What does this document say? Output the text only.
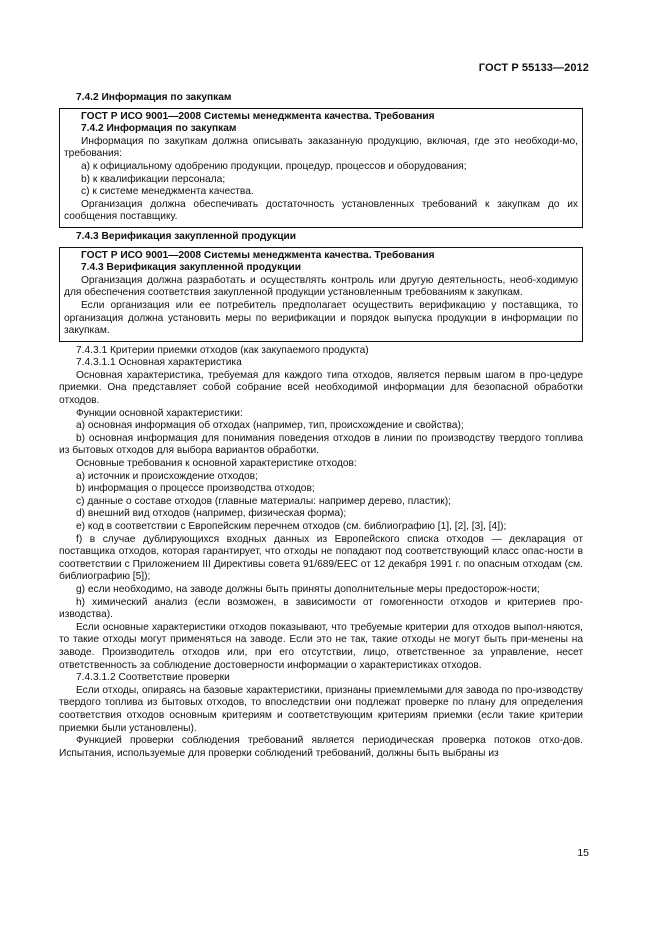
ГОСТ Р 55133—2012

7.4.2 Информация по закупкам

ГОСТ Р ИСО 9001—2008 Системы менеджмента качества. Требования

7.4.2 Информация по закупкам

Информация по закупкам должна описывать заказанную продукцию, включая, где это необходи-мо, требования:

a) к официальному одобрению продукции, процедур, процессов и оборудования;

b) к квалификации персонала;

c) к системе менеджмента качества.

Организация должна обеспечивать достаточность установленных требований к закупкам до их сообщения поставщику.

7.4.3 Верификация закупленной продукции

ГОСТ Р ИСО 9001—2008 Системы менеджмента качества. Требования

7.4.3 Верификация закупленной продукции

Организация должна разработать и осуществлять контроль или другую деятельность, необ-ходимую для обеспечения соответствия закупленной продукции установленным требованиям к закупкам.

Если организация или ее потребитель предполагает осуществить верификацию у поставщика, то организация должна установить меры по верификации и порядок выпуска продукции в информации по закупкам.

7.4.3.1 Критерии приемки отходов (как закупаемого продукта)

7.4.3.1.1 Основная характеристика

Основная характеристика, требуемая для каждого типа отходов, является первым шагом в про-цедуре приемки. Она представляет собой собрание всей необходимой информации для безопасной обработки отходов.

Функции основной характеристики:

а) основная информация об отходах (например, тип, происхождение и свойства);

b) основная информация для понимания поведения отходов в линии по производству твердого топлива из бытовых отходов для выбора вариантов обработки.

Основные требования к основной характеристике отходов:

a) источник и происхождение отходов;

b) информация о процессе производства отходов;

c) данные о составе отходов (главные материалы: например дерево, пластик);

d) внешний вид отходов (например, физическая форма);

e) код в соответствии с Европейским перечнем отходов (см. библиографию [1], [2], [3], [4]);

f) в случае дублирующихся входных данных из Европейского списка отходов — декларация от поставщика отходов, которая гарантирует, что отходы не попадают под соответствующий класс опас-ности в соответствии с Приложением III Директивы совета 91/689/ЕЕС от 12 декабря 1991 г. по опасным отходам (см. библиографию [5]);

g) если необходимо, на заводе должны быть приняты дополнительные меры предосторож-ности;

h) химический анализ (если возможен, в зависимости от гомогенности отходов и критериев про-изводства).

Если основные характеристики отходов показывают, что требуемые критерии для отходов выпол-няются, то такие отходы могут применяться на заводе. Если это не так, такие отходы не могут быть при-менены на заводе. Производитель отходов или, при его отсутствии, лицо, ответственное за управление, несет ответственность за соблюдение достоверности информации о характеристиках отходов.

7.4.3.1.2 Соответствие проверки

Если отходы, опираясь на базовые характеристики, признаны приемлемыми для завода по про-изводству твердого топлива из бытовых отходов, то впоследствии они подлежат проверке по плану для определения соответствия отходов основным критериям и соответствующим критериям приемки (если такие критерии приемки были установлены).

Функцией проверки соблюдения требований является периодическая проверка потоков отхо-дов. Испытания, используемые для проверки соблюдений требований, должны быть выбраны из

15
